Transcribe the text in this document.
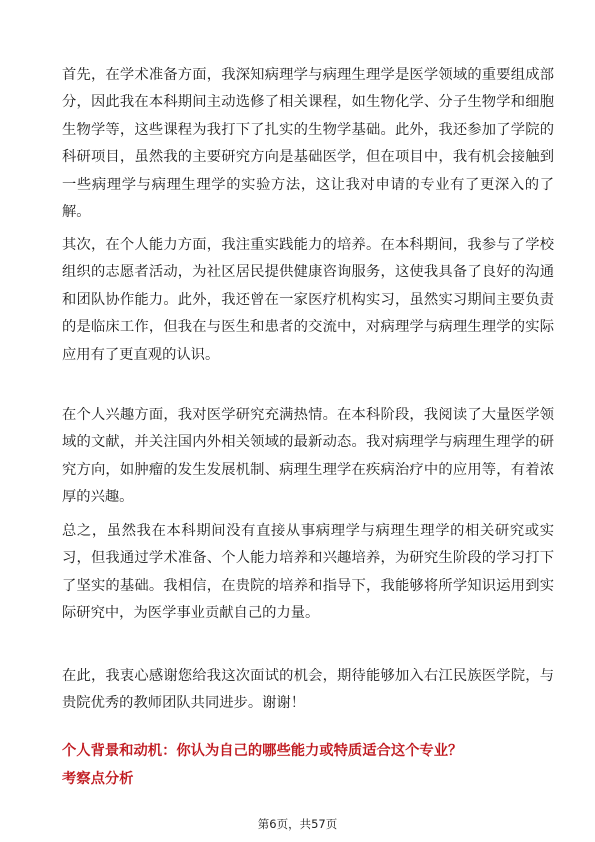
首先，在学术准备方面，我深知病理学与病理生理学是医学领域的重要组成部分，因此我在本科期间主动选修了相关课程，如生物化学、分子生物学和细胞生物学等，这些课程为我打下了扎实的生物学基础。此外，我还参加了学院的科研项目，虽然我的主要研究方向是基础医学，但在项目中，我有机会接触到一些病理学与病理生理学的实验方法，这让我对申请的专业有了更深入的了解。

其次，在个人能力方面，我注重实践能力的培养。在本科期间，我参与了学校组织的志愿者活动，为社区居民提供健康咨询服务，这使我具备了良好的沟通和团队协作能力。此外，我还曾在一家医疗机构实习，虽然实习期间主要负责的是临床工作，但我在与医生和患者的交流中，对病理学与病理生理学的实际应用有了更直观的认识。

在个人兴趣方面，我对医学研究充满热情。在本科阶段，我阅读了大量医学领域的文献，并关注国内外相关领域的最新动态。我对病理学与病理生理学的研究方向，如肿瘤的发生发展机制、病理生理学在疾病治疗中的应用等，有着浓厚的兴趣。

总之，虽然我在本科期间没有直接从事病理学与病理生理学的相关研究或实习，但我通过学术准备、个人能力培养和兴趣培养，为研究生阶段的学习打下了坚实的基础。我相信，在贵院的培养和指导下，我能够将所学知识运用到实际研究中，为医学事业贡献自己的力量。

在此，我衷心感谢您给我这次面试的机会，期待能够加入右江民族医学院，与贵院优秀的教师团队共同进步。谢谢！

个人背景和动机：你认为自己的哪些能力或特质适合这个专业？

考察点分析

第6页，共57页
